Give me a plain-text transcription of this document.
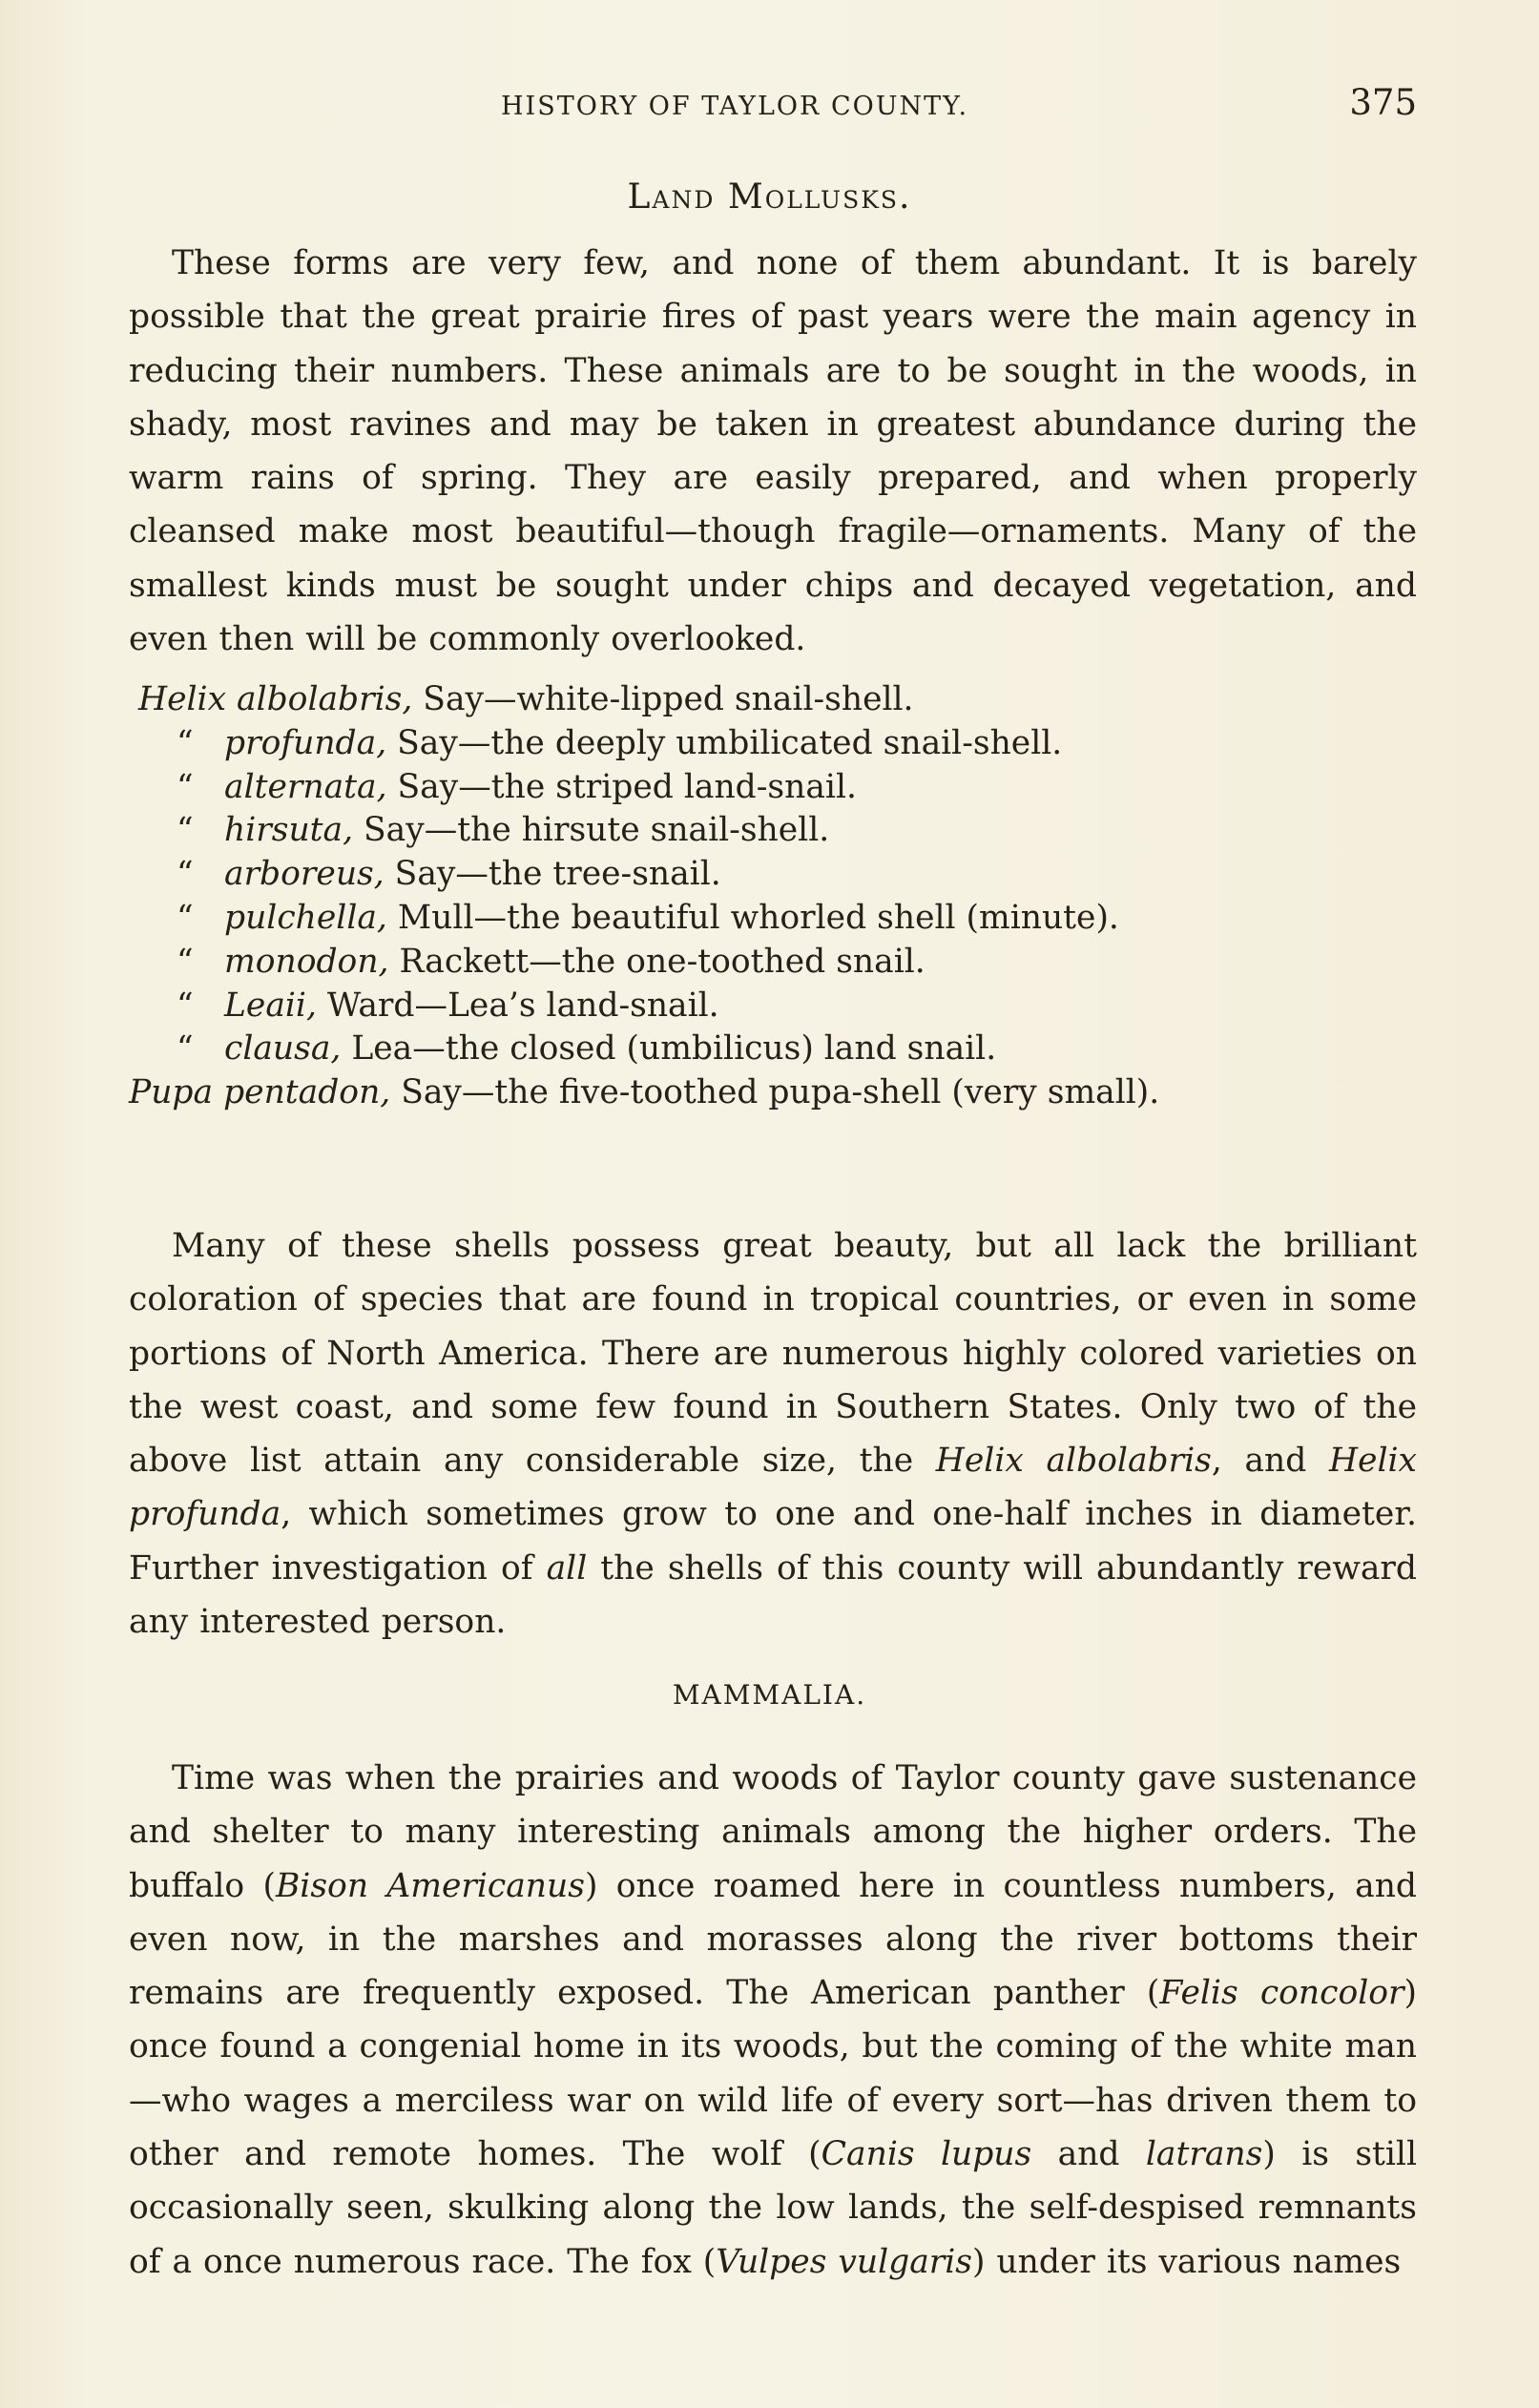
HISTORY OF TAYLOR COUNTY.	375
Land Mollusks.

These forms are very few, and none of them abundant. It is barely possible that the great prairie fires of past years were the main agency in reducing their numbers. These animals are to be sought in the woods, in shady, most ravines and may be taken in greatest abundance during the warm rains of spring. They are easily prepared, and when properly cleansed make most beautiful—though fragile—ornaments. Many of the smallest kinds must be sought under chips and decayed vegetation, and even then will be commonly overlooked.

Helix albolabris, Say—white-lipped snail-shell.
“ profunda, Say—the deeply umbilicated snail-shell.
“ alternata, Say—the striped land-snail.
“ hirsuta, Say—the hirsute snail-shell.
“ arboreus, Say—the tree-snail.
“ pulchella, Mull—the beautiful whorled shell (minute).
“ monodon, Rackett—the one-toothed snail.
“ Leaii, Ward—Lea’s land-snail.
“ clausa, Lea—the closed (umbilicus) land snail.
Pupa pentadon, Say—the five-toothed pupa-shell (very small).

Many of these shells possess great beauty, but all lack the brilliant coloration of species that are found in tropical countries, or even in some portions of North America. There are numerous highly colored varieties on the west coast, and some few found in Southern States. Only two of the above list attain any considerable size, the Helix albolabris, and Helix profunda, which sometimes grow to one and one-half inches in diameter. Further investigation of all the shells of this county will abundantly reward any interested person.

MAMMALIA.

Time was when the prairies and woods of Taylor county gave sustenance and shelter to many interesting animals among the higher orders. The buffalo (Bison Americanus) once roamed here in countless numbers, and even now, in the marshes and morasses along the river bottoms their remains are frequently exposed. The American panther (Felis concolor) once found a congenial home in its woods, but the coming of the white man —who wages a merciless war on wild life of every sort—has driven them to other and remote homes. The wolf (Canis lupus and latrans) is still occasionally seen, skulking along the low lands, the self-despised remnants of a once numerous race. The fox (Vulpes vulgaris) under its various names
